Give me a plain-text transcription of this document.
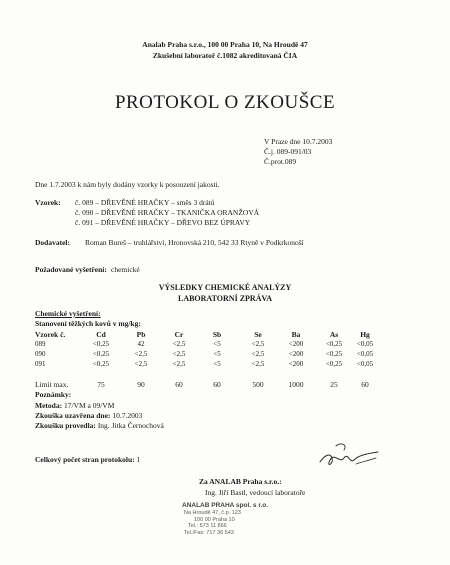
Analab Praha s.r.o., 100 00 Praha 10, Na Hroudě 47
Zkušební laboratoř č.1082 akreditovaná ČIA
PROTOKOL O ZKOUŠCE
V Praze dne 10.7.2003
Č.j. 089-091/03
Č.prot.089
Dne 1.7.2003 k nám byly dodány vzorky k posouzení jakosti.
Vzorek: č. 089 – DŘEVĚNÉ HRAČKY – směs 3 drátů
č. 090 – DŘEVĚNÉ HRAČKY – TKANIČKA ORANŽOVÁ
č. 091 – DŘEVĚNÉ HRAČKY – DŘEVO BEZ ÚPRAVY
Dodavatel: Roman Bureš – truhlářství, Hronovská 210, 542 33 Rtyně v Podkrkonoší
Požadované vyšetření: chemické
VÝSLEDKY CHEMICKÉ ANALÝZY
LABORATORNÍ ZPRÁVA
Chemické vyšetření:
Stanovení těžkých kovů v mg/kg:
Vzorek č.	Cd	Pb	Cr	Sb	Se	Ba	As	Hg
089	<0,25	42	<2,5	<5	<2,5	<200	<0,25	<0,05
090	<0,25	<2,5	<2,5	<5	<2,5	<200	<0,25	<0,05
091	<0,25	<2,5	<2,5	<5	<2,5	<200	<0,25	<0,05
Limit max.	75	90	60	60	500	1000	25	60
Poznámky:
Metoda: 17/VM a 09/VM
Zkouška uzavřena dne: 10.7.2003
Zkoušku provedla: Ing. Jitka Černochová
Celkový počet stran protokolu: 1
Za ANALAB Praha s.r.o.:
Ing. Jiří Bastl, vedoucí laboratoře
ANALAB PRAHA spol. s r.o.
Na Hroudě 47, č.p. 123
100 00 Praha 10
Tel.: 673 11 866
Tel./Fax: 717 36 543
